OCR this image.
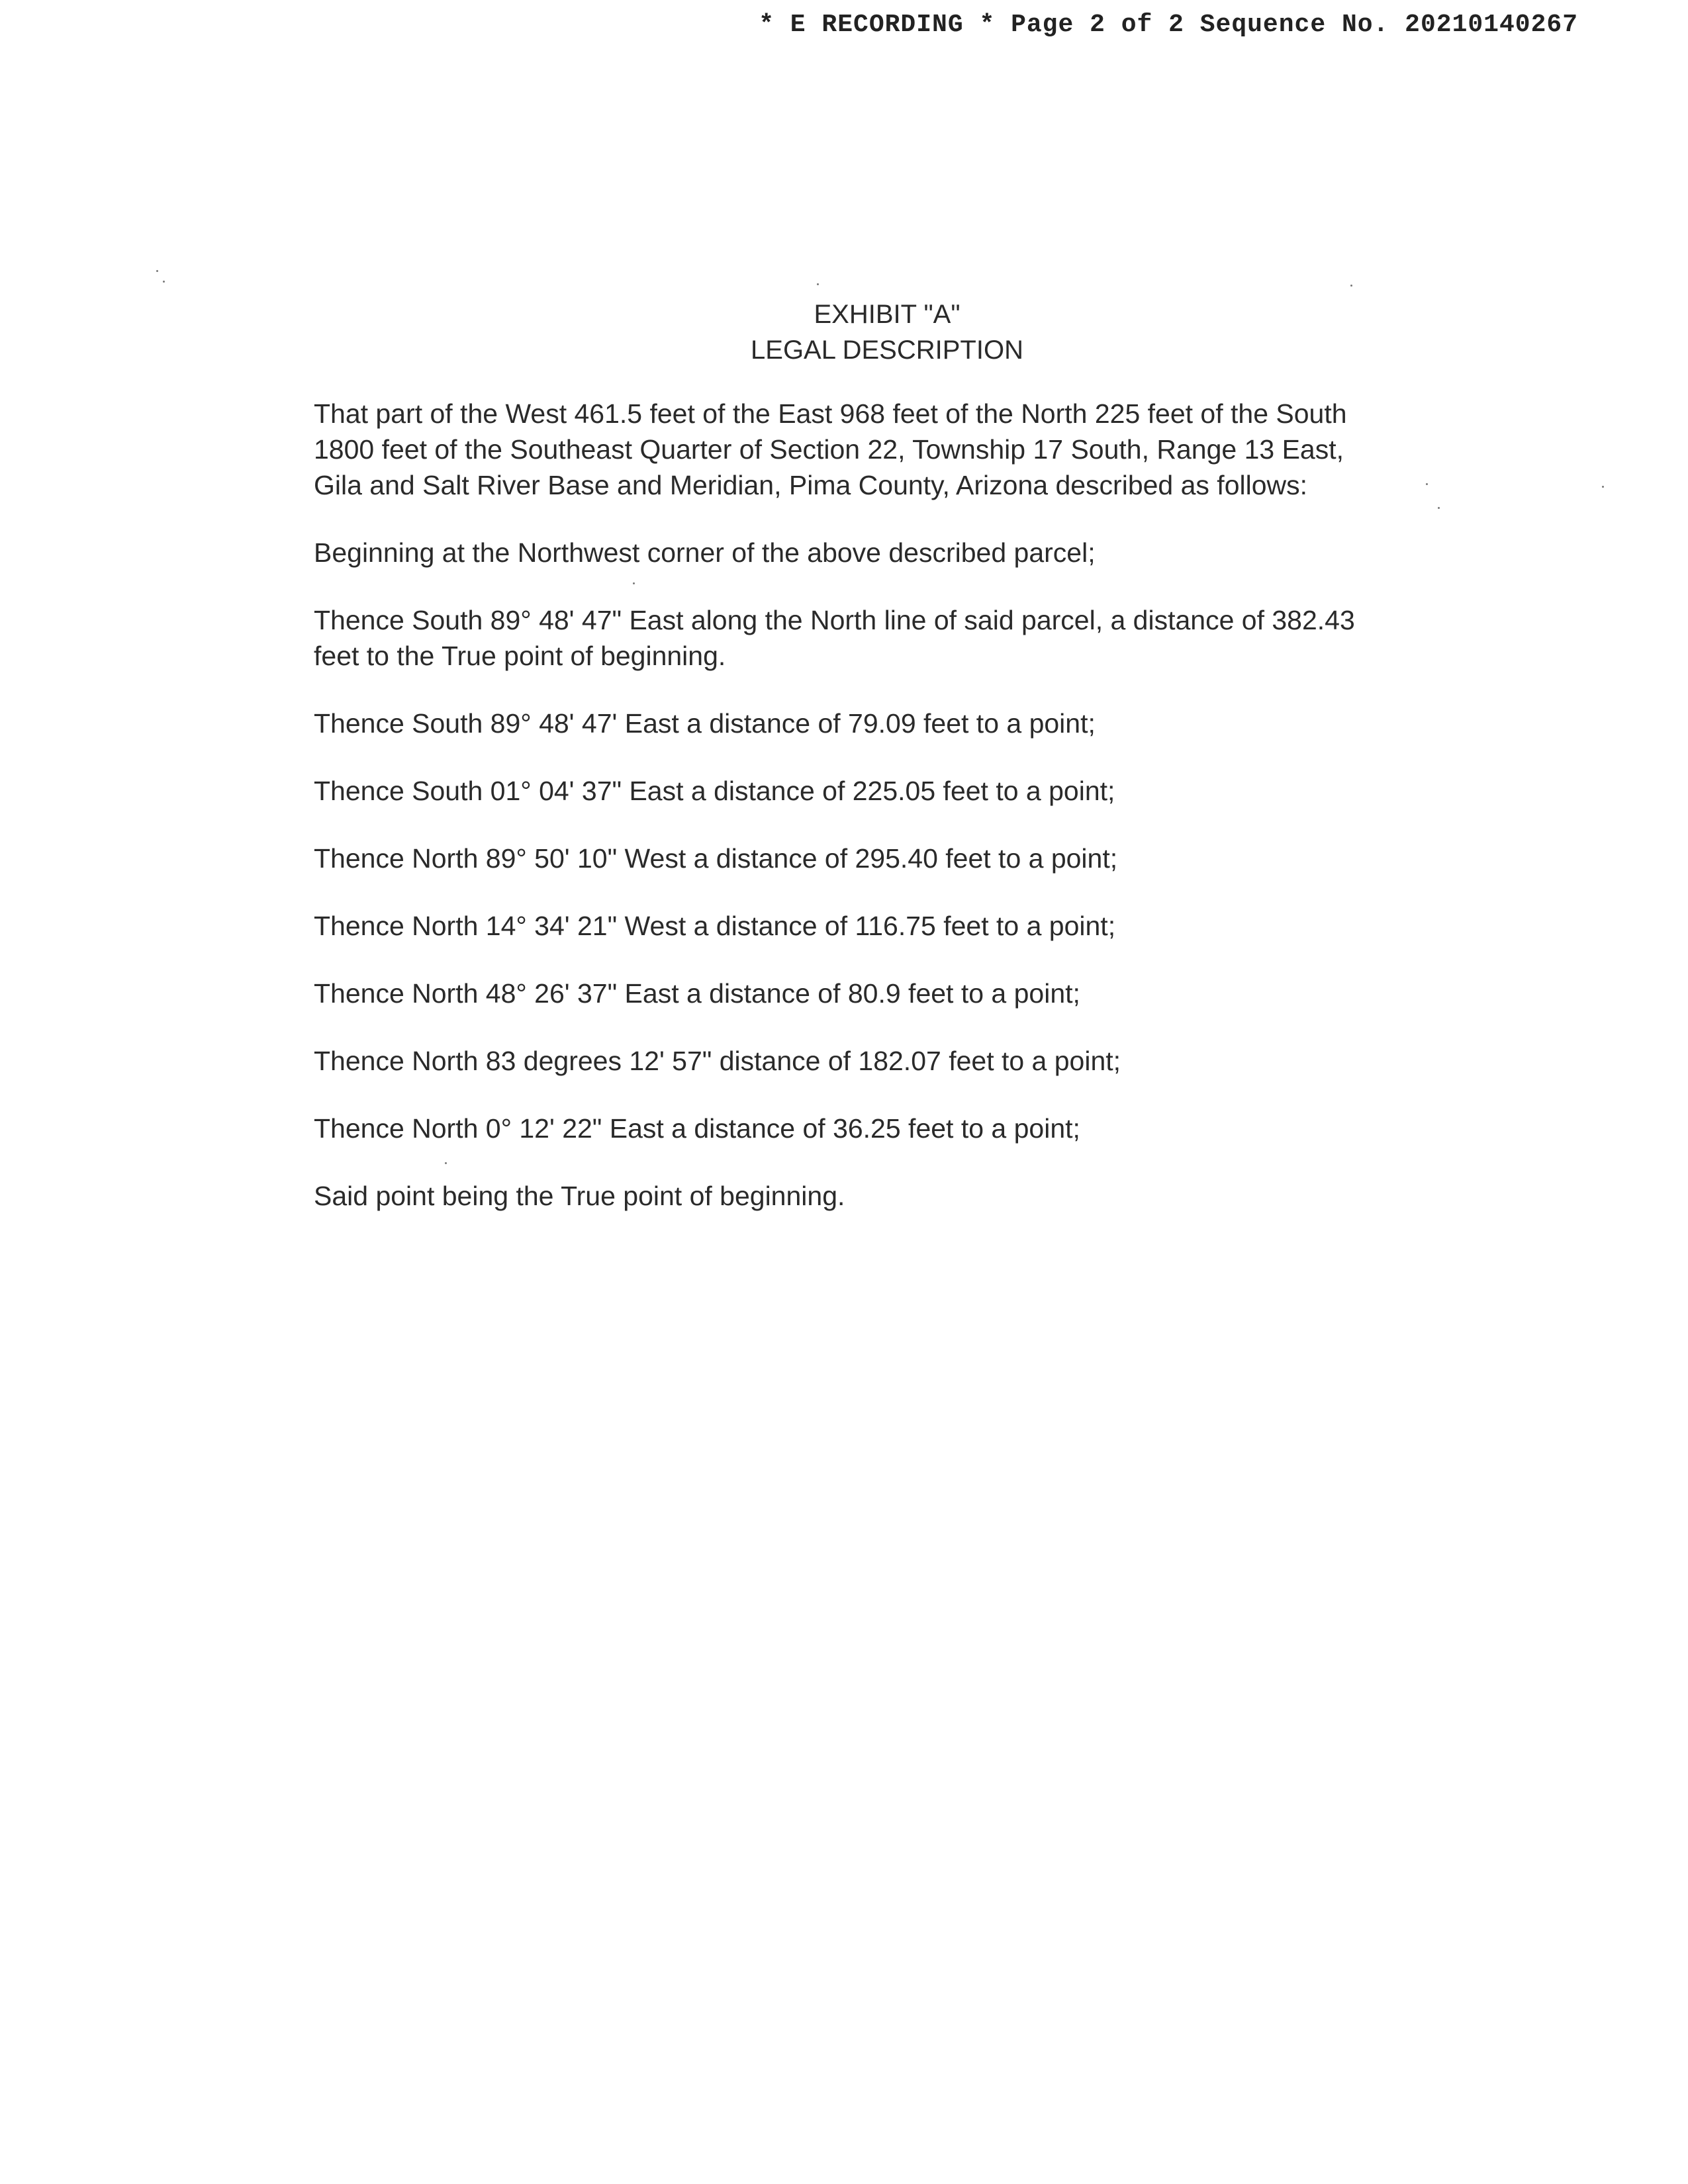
* E RECORDING * Page 2 of 2 Sequence No. 20210140267
EXHIBIT "A"
LEGAL DESCRIPTION

That part of the West 461.5 feet of the East 968 feet of the North 225 feet of the South
1800 feet of the Southeast Quarter of Section 22, Township 17 South, Range 13 East,
Gila and Salt River Base and Meridian, Pima County, Arizona described as follows:

Beginning at the Northwest corner of the above described parcel;

Thence South 89° 48' 47" East along the North line of said parcel, a distance of 382.43
feet to the True point of beginning.

Thence South 89° 48' 47' East a distance of 79.09 feet to a point;

Thence South 01° 04' 37" East a distance of 225.05 feet to a point;

Thence North 89° 50' 10" West a distance of 295.40 feet to a point;

Thence North 14° 34' 21" West a distance of 116.75 feet to a point;

Thence North 48° 26' 37" East a distance of 80.9 feet to a point;

Thence North 83 degrees 12' 57" distance of 182.07 feet to a point;

Thence North 0° 12' 22" East a distance of 36.25 feet to a point;

Said point being the True point of beginning.
